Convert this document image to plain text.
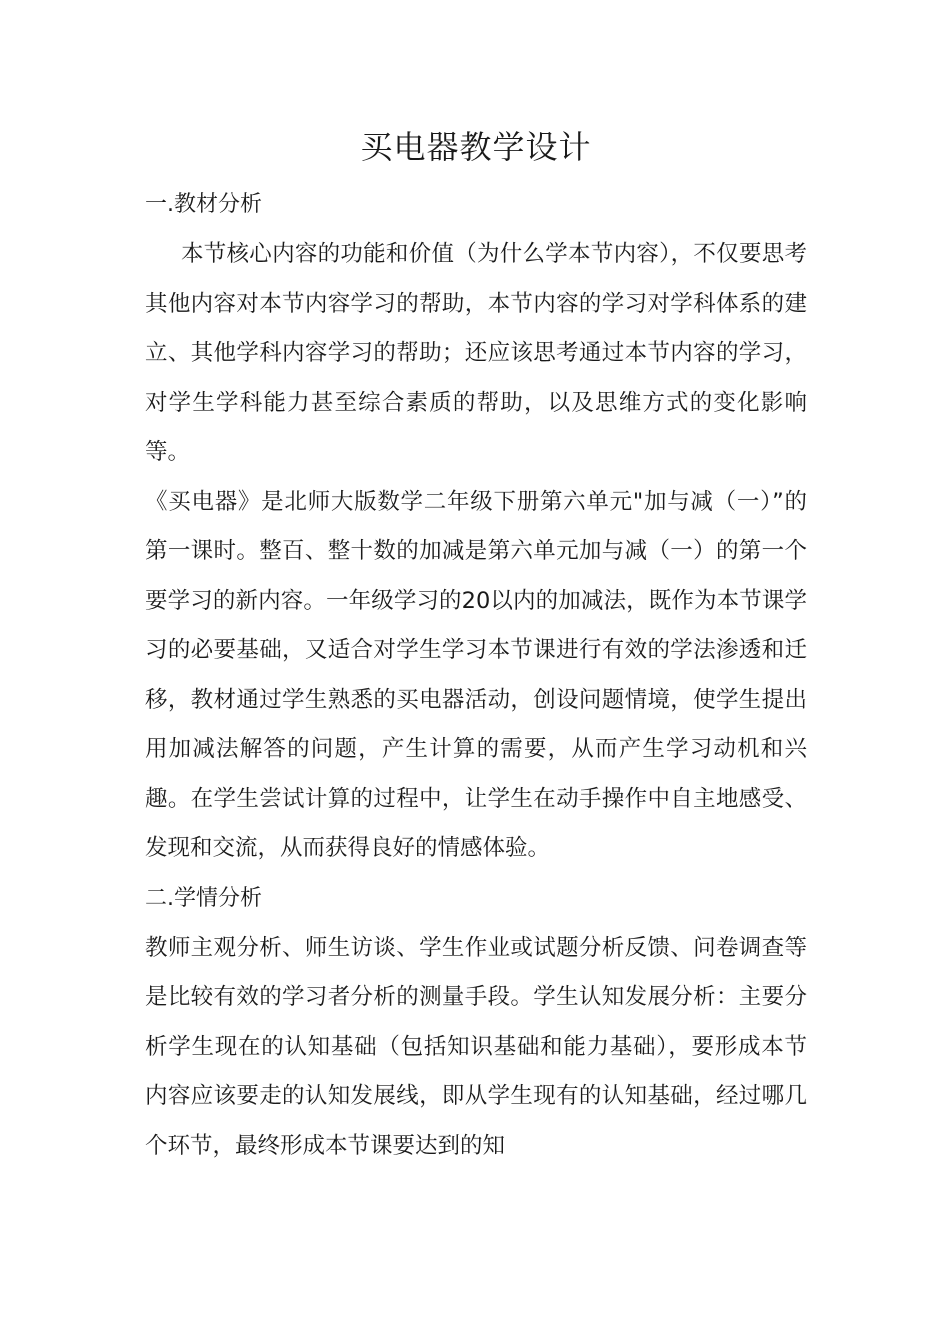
买电器教学设计

一.教材分析

本节核心内容的功能和价值（为什么学本节内容），不仅要思考其他内容对本节内容学习的帮助，本节内容的学习对学科体系的建立、其他学科内容学习的帮助；还应该思考通过本节内容的学习，对学生学科能力甚至综合素质的帮助，以及思维方式的变化影响等。

《买电器》是北师大版数学二年级下册第六单元"加与减（一）”的第一课时。整百、整十数的加减是第六单元加与减（一）的第一个要学习的新内容。一年级学习的20以内的加减法，既作为本节课学习的必要基础，又适合对学生学习本节课进行有效的学法渗透和迁移，教材通过学生熟悉的买电器活动，创设问题情境，使学生提出用加减法解答的问题，产生计算的需要，从而产生学习动机和兴趣。在学生尝试计算的过程中，让学生在动手操作中自主地感受、发现和交流，从而获得良好的情感体验。

二.学情分析

教师主观分析、师生访谈、学生作业或试题分析反馈、问卷调查等是比较有效的学习者分析的测量手段。学生认知发展分析：主要分析学生现在的认知基础（包括知识基础和能力基础），要形成本节内容应该要走的认知发展线，即从学生现有的认知基础，经过哪几个环节，最终形成本节课要达到的知
